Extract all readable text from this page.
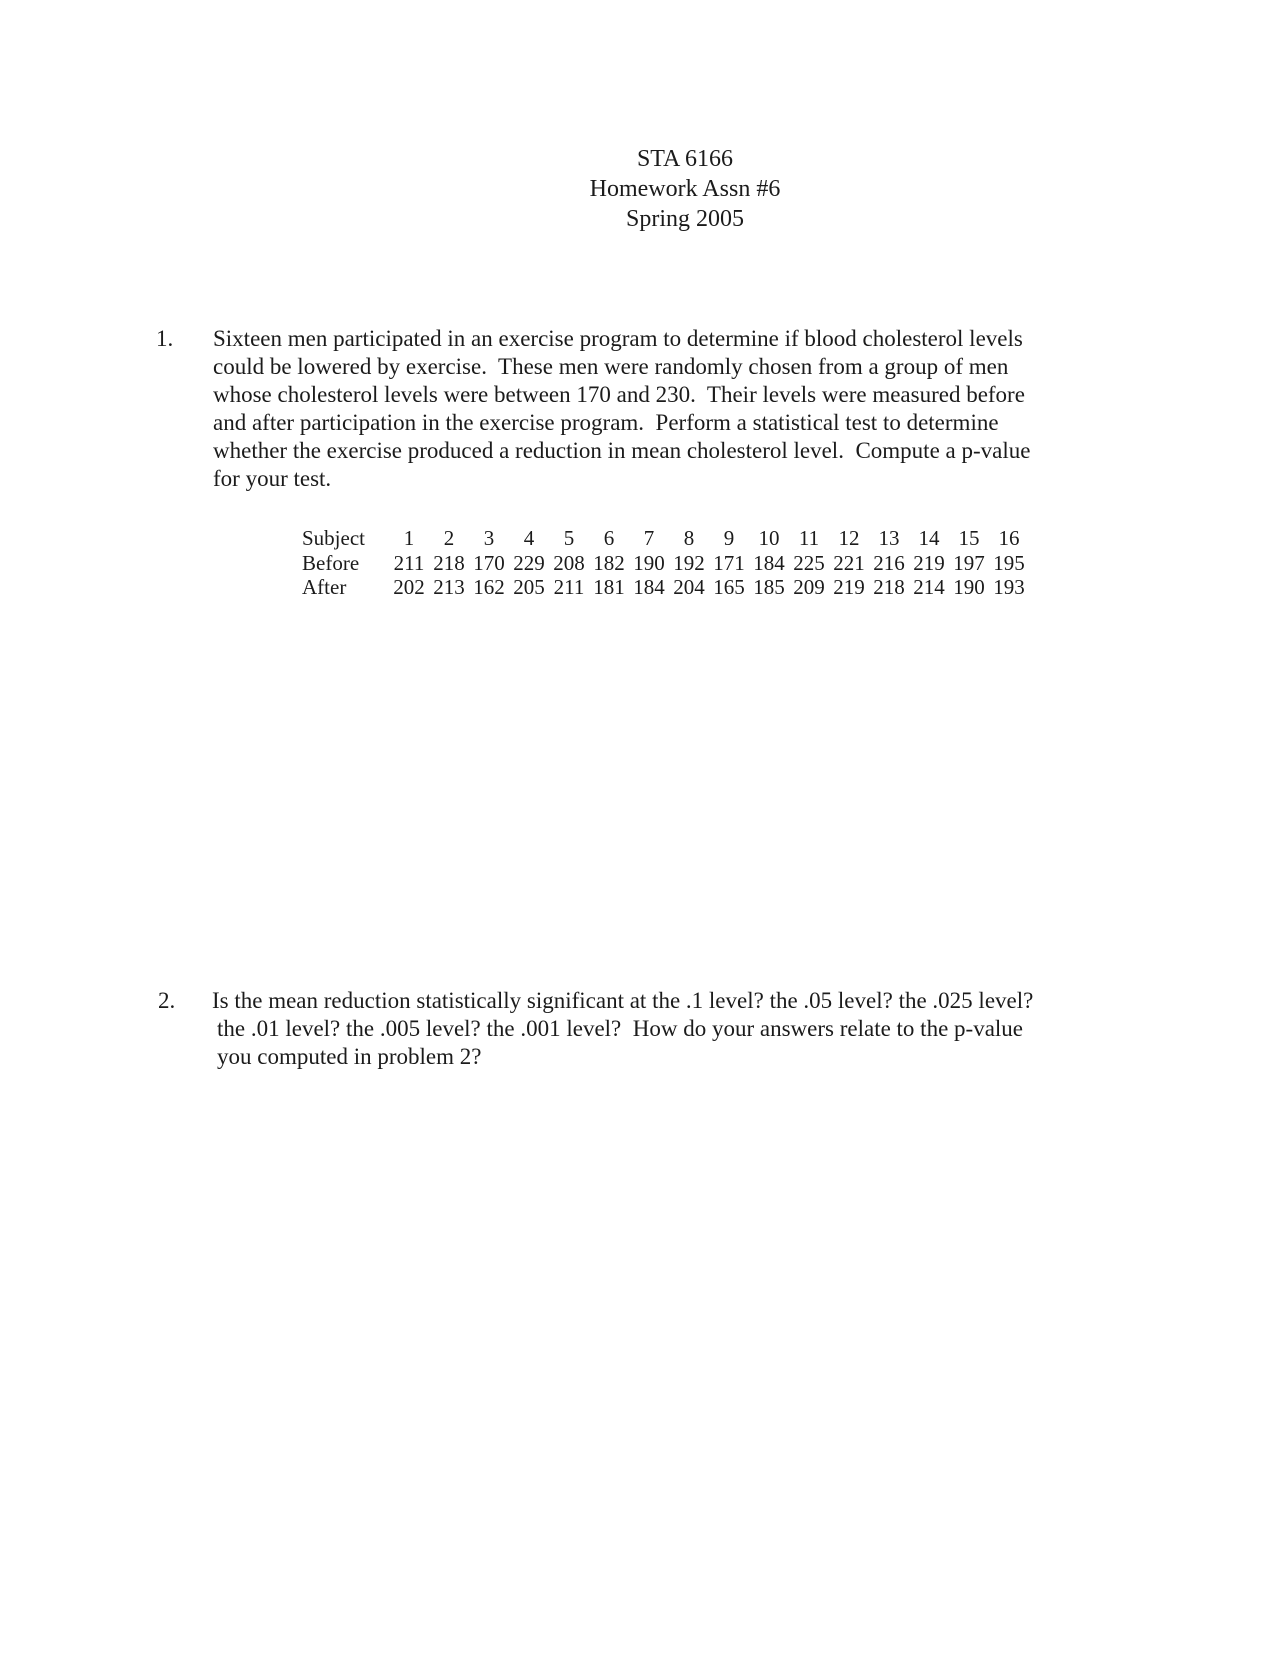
STA 6166
Homework Assn #6
Spring 2005
1. Sixteen men participated in an exercise program to determine if blood cholesterol levels
could be lowered by exercise.  These men were randomly chosen from a group of men
whose cholesterol levels were between 170 and 230.  Their levels were measured before
and after participation in the exercise program.  Perform a statistical test to determine
whether the exercise produced a reduction in mean cholesterol level.  Compute a p-value
for your test.
Subject	1	2	3	4	5	6	7	8	9	10 11 12 13 14 15 16
Before	211 218 170 229 208 182 190 192 171 184 225 221 216 219 197 195
After	202 213 162 205 211 181 184 204 165 185 209 219 218 214 190 193
2. Is the mean reduction statistically significant at the .1 level? the .05 level? the .025 level?
the .01 level? the .005 level? the .001 level?  How do your answers relate to the p-value
you computed in problem 2?
